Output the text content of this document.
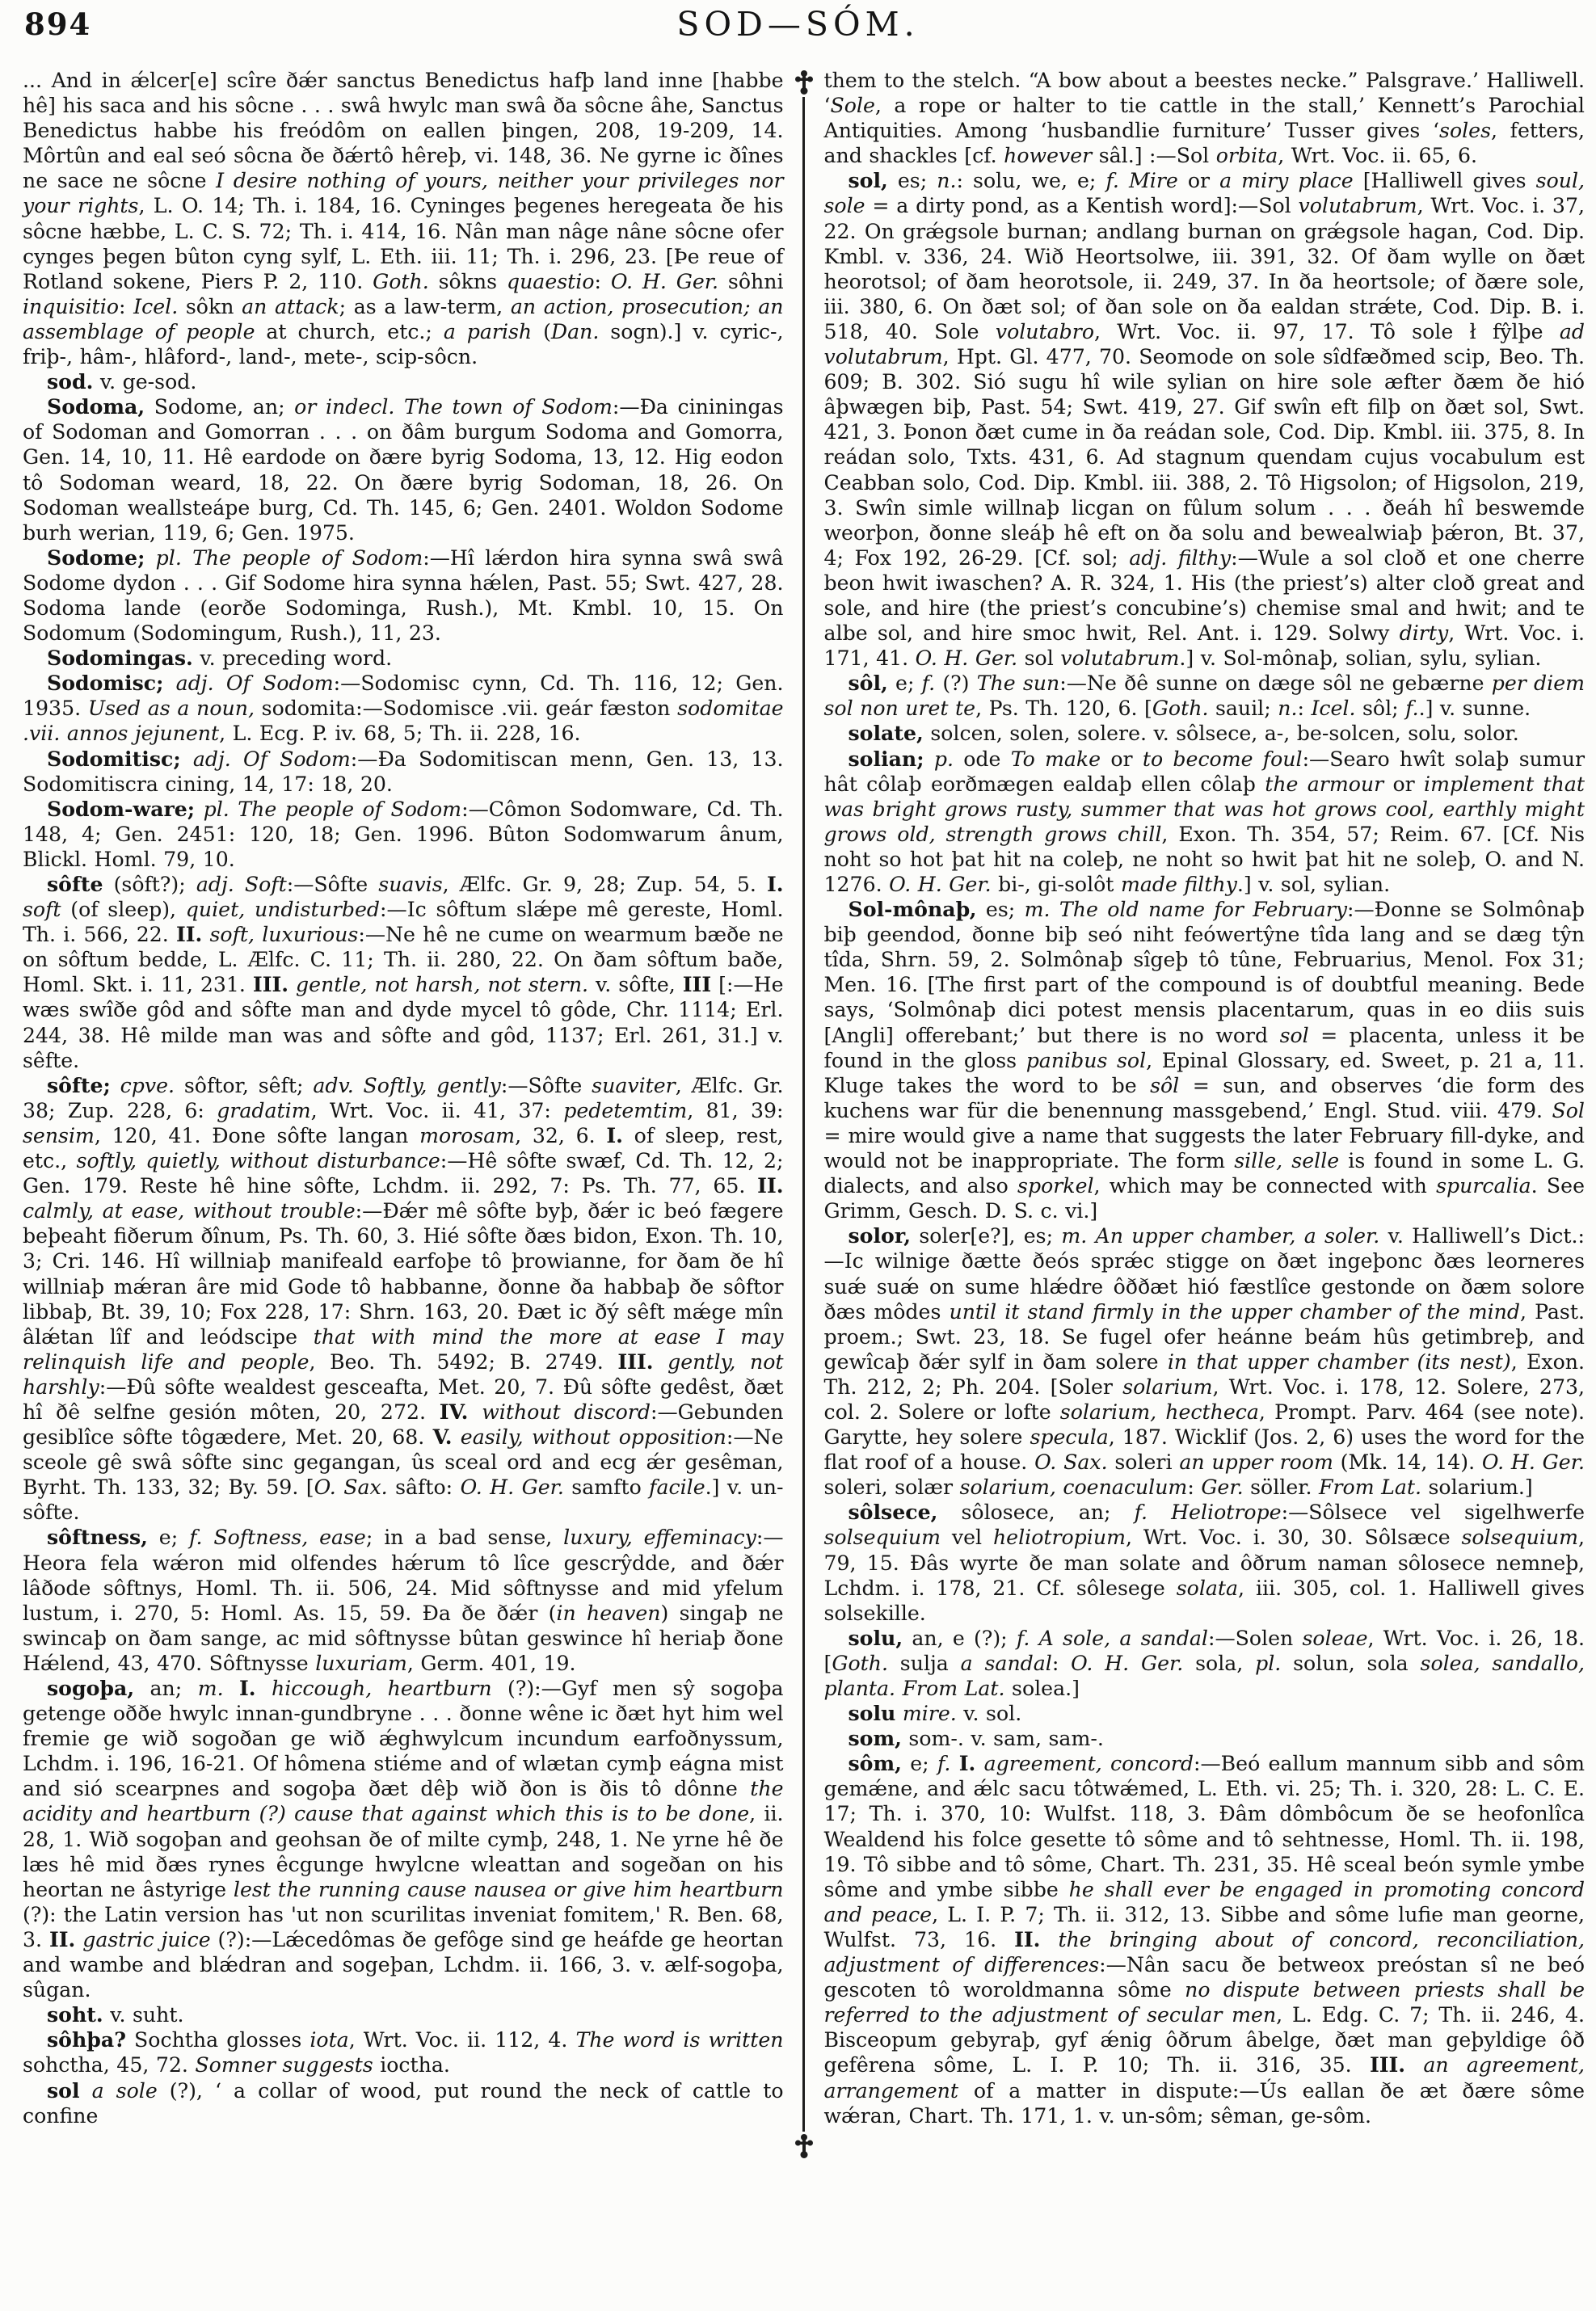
894	SOD—SÓM.

... And in ǽlcer[e] scîre ðǽr sanctus Benedictus hafþ land inne [habbe hê] his saca and his sôcne . . . swâ hwylc man swâ ða sôcne âhe, Sanctus Benedictus habbe his freódôm on eallen þingen, 208, 19-209, 14. Môrtûn and eal seó sôcna ðe ðǽrtô hêreþ, vi. 148, 36. Ne gyrne ic ðînes ne sace ne sôcne I desire nothing of yours, neither your privileges nor your rights, L. O. 14; Th. i. 184, 16. Cyninges þegenes heregeata ðe his sôcne hæbbe, L. C. S. 72; Th. i. 414, 16. Nân man nâge nâne sôcne ofer cynges þegen bûton cyng sylf, L. Eth. iii. 11; Th. i. 296, 23. [Þe reue of Rotland sokene, Piers P. 2, 110. Goth. sôkns quaestio: O. H. Ger. sôhni inquisitio: Icel. sôkn an attack; as a law-term, an action, prosecution; an assemblage of people at church, etc.; a parish (Dan. sogn).] v. cyric-, friþ-, hâm-, hlâford-, land-, mete-, scip-sôcn.

sod. v. ge-sod.

Sodoma, Sodome, an; or indecl. The town of Sodom:—Ða cininingas of Sodoman and Gomorran . . . on ðâm burgum Sodoma and Gomorra, Gen. 14, 10, 11. Hê eardode on ðære byrig Sodoma, 13, 12. Hig eodon tô Sodoman weard, 18, 22. On ðære byrig Sodoman, 18, 26. On Sodoman weallsteápe burg, Cd. Th. 145, 6; Gen. 2401. Woldon Sodome burh werian, 119, 6; Gen. 1975.

Sodome; pl. The people of Sodom:—Hî lǽrdon hira synna swâ swâ Sodome dydon . . . Gif Sodome hira synna hǽlen, Past. 55; Swt. 427, 28. Sodoma lande (eorðe Sodominga, Rush.), Mt. Kmbl. 10, 15. On Sodomum (Sodomingum, Rush.), 11, 23.

Sodomingas. v. preceding word.

Sodomisc; adj. Of Sodom:—Sodomisc cynn, Cd. Th. 116, 12; Gen. 1935. Used as a noun, sodomita:—Sodomisce .vii. geár fæston sodomitae .vii. annos jejunent, L. Ecg. P. iv. 68, 5; Th. ii. 228, 16.

Sodomitisc; adj. Of Sodom:—Ða Sodomitiscan menn, Gen. 13, 13. Sodomitiscra cining, 14, 17: 18, 20.

Sodom-ware; pl. The people of Sodom:—Cômon Sodomware, Cd. Th. 148, 4; Gen. 2451: 120, 18; Gen. 1996. Bûton Sodomwarum ânum, Blickl. Homl. 79, 10.

sôfte (sôft?); adj. Soft:—Sôfte suavis, Ælfc. Gr. 9, 28; Zup. 54, 5. I. soft (of sleep), quiet, undisturbed:—Ic sôftum slǽpe mê gereste, Homl. Th. i. 566, 22. II. soft, luxurious:—Ne hê ne cume on wearmum bæðe ne on sôftum bedde, L. Ælfc. C. 11; Th. ii. 280, 22. On ðam sôftum baðe, Homl. Skt. i. 11, 231. III. gentle, not harsh, not stern. v. sôfte, III [:—He wæs swîðe gôd and sôfte man and dyde mycel tô gôde, Chr. 1114; Erl. 244, 38. Hê milde man was and sôfte and gôd, 1137; Erl. 261, 31.] v. sêfte.

sôfte; cpve. sôftor, sêft; adv. Softly, gently:—Sôfte suaviter, Ælfc. Gr. 38; Zup. 228, 6: gradatim, Wrt. Voc. ii. 41, 37: pedetemtim, 81, 39: sensim, 120, 41. Ðone sôfte langan morosam, 32, 6. I. of sleep, rest, etc., softly, quietly, without disturbance:—Hê sôfte swæf, Cd. Th. 12, 2; Gen. 179. Reste hê hine sôfte, Lchdm. ii. 292, 7: Ps. Th. 77, 65. II. calmly, at ease, without trouble:—Ðǽr mê sôfte byþ, ðǽr ic beó fægere beþeaht fiðerum ðînum, Ps. Th. 60, 3. Hié sôfte ðæs bidon, Exon. Th. 10, 3; Cri. 146. Hî willniaþ manifeald earfoþe tô þrowianne, for ðam ðe hî willniaþ mǽran âre mid Gode tô habbanne, ðonne ða habbaþ ðe sôftor libbaþ, Bt. 39, 10; Fox 228, 17: Shrn. 163, 20. Ðæt ic ðý sêft mǽge mîn âlǽtan lîf and leódscipe that with mind the more at ease I may relinquish life and people, Beo. Th. 5492; B. 2749. III. gently, not harshly:—Ðû sôfte wealdest gesceafta, Met. 20, 7. Ðû sôfte gedêst, ðæt hî ðê selfne gesión môten, 20, 272. IV. without discord:—Gebunden gesiblîce sôfte tôgædere, Met. 20, 68. V. easily, without opposition:—Ne sceole gê swâ sôfte sinc gegangan, ûs sceal ord and ecg ǽr gesêman, Byrht. Th. 133, 32; By. 59. [O. Sax. sâfto: O. H. Ger. samfto facile.] v. un-sôfte.

sôftness, e; f. Softness, ease; in a bad sense, luxury, effeminacy:—Heora fela wǽron mid olfendes hǽrum tô lîce gescrŷdde, and ðǽr lâðode sôftnys, Homl. Th. ii. 506, 24. Mid sôftnysse and mid yfelum lustum, i. 270, 5: Homl. As. 15, 59. Ða ðe ðǽr (in heaven) singaþ ne swincaþ on ðam sange, ac mid sôftnysse bûtan geswince hî heriaþ ðone Hǽlend, 43, 470. Sôftnysse luxuriam, Germ. 401, 19.

sogoþa, an; m. I. hiccough, heartburn (?):—Gyf men sŷ sogoþa getenge oððe hwylc innan-gundbryne . . . ðonne wêne ic ðæt hyt him wel fremie ge wið sogoðan ge wið ǽghwylcum incundum earfoðnyssum, Lchdm. i. 196, 16-21. Of hômena stiéme and of wlætan cymþ eágna mist and sió scearpnes and sogoþa ðæt dêþ wið ðon is ðis tô dônne the acidity and heartburn (?) cause that against which this is to be done, ii. 28, 1. Wið sogoþan and geohsan ðe of milte cymþ, 248, 1. Ne yrne hê ðe læs hê mid ðæs rynes êcgunge hwylcne wleattan and sogeðan on his heortan ne âstyrige lest the running cause nausea or give him heartburn (?): the Latin version has 'ut non scurilitas inveniat fomitem,' R. Ben. 68, 3. II. gastric juice (?):—Lǽcedômas ðe gefôge sind ge heáfde ge heortan and wambe and blǽdran and sogeþan, Lchdm. ii. 166, 3. v. ælf-sogoþa, sûgan.

soht. v. suht.

sôhþa? Sochtha glosses iota, Wrt. Voc. ii. 112, 4. The word is written sohctha, 45, 72. Somner suggests ioctha.

sol a sole (?), ‘ a collar of wood, put round the neck of cattle to confine

them to the stelch. “A bow about a beestes necke.” Palsgrave.’ Halliwell. ‘Sole, a rope or halter to tie cattle in the stall,’ Kennett’s Parochial Antiquities. Among ‘husbandlie furniture’ Tusser gives ‘soles, fetters, and shackles [cf. however sâl.] :—Sol orbita, Wrt. Voc. ii. 65, 6.

sol, es; n.: solu, we, e; f. Mire or a miry place [Halliwell gives soul, sole = a dirty pond, as a Kentish word]:—Sol volutabrum, Wrt. Voc. i. 37, 22. On grǽgsole burnan; andlang burnan on grǽgsole hagan, Cod. Dip. Kmbl. v. 336, 24. Wið Heortsolwe, iii. 391, 32. Of ðam wylle on ðæt heorotsol; of ðam heorotsole, ii. 249, 37. In ða heortsole; of ðære sole, iii. 380, 6. On ðæt sol; of ðan sole on ða ealdan strǽte, Cod. Dip. B. i. 518, 40. Sole volutabro, Wrt. Voc. ii. 97, 17. Tô sole ł fŷlþe ad volutabrum, Hpt. Gl. 477, 70. Seomode on sole sîdfæðmed scip, Beo. Th. 609; B. 302. Sió sugu hî wile sylian on hire sole æfter ðæm ðe hió âþwægen biþ, Past. 54; Swt. 419, 27. Gif swîn eft filþ on ðæt sol, Swt. 421, 3. Þonon ðæt cume in ða reádan sole, Cod. Dip. Kmbl. iii. 375, 8. In reádan solo, Txts. 431, 6. Ad stagnum quendam cujus vocabulum est Ceabban solo, Cod. Dip. Kmbl. iii. 388, 2. Tô Higsolon; of Higsolon, 219, 3. Swîn simle willnaþ licgan on fûlum solum . . . ðeáh hî beswemde weorþon, ðonne sleáþ hê eft on ða solu and bewealwiaþ þǽron, Bt. 37, 4; Fox 192, 26-29. [Cf. sol; adj. filthy:—Wule a sol cloð et one cherre beon hwit iwaschen? A. R. 324, 1. His (the priest’s) alter cloð great and sole, and hire (the priest’s concubine’s) chemise smal and hwit; and te albe sol, and hire smoc hwit, Rel. Ant. i. 129. Solwy dirty, Wrt. Voc. i. 171, 41. O. H. Ger. sol volutabrum.] v. Sol-mônaþ, solian, sylu, sylian.

sôl, e; f. (?) The sun:—Ne ðê sunne on dæge sôl ne gebærne per diem sol non uret te, Ps. Th. 120, 6. [Goth. sauil; n.: Icel. sôl; f..] v. sunne.

solate, solcen, solen, solere. v. sôlsece, a-, be-solcen, solu, solor.

solian; p. ode To make or to become foul:—Searo hwît solaþ sumur hât côlaþ eorðmægen ealdaþ ellen côlaþ the armour or implement that was bright grows rusty, summer that was hot grows cool, earthly might grows old, strength grows chill, Exon. Th. 354, 57; Reim. 67. [Cf. Nis noht so hot þat hit na coleþ, ne noht so hwit þat hit ne soleþ, O. and N. 1276. O. H. Ger. bi-, gi-solôt made filthy.] v. sol, sylian.

Sol-mônaþ, es; m. The old name for February:—Ðonne se Solmônaþ biþ geendod, ðonne biþ seó niht feówertŷne tîda lang and se dæg tŷn tîda, Shrn. 59, 2. Solmônaþ sîgeþ tô tûne, Februarius, Menol. Fox 31; Men. 16. [The first part of the compound is of doubtful meaning. Bede says, ‘Solmônaþ dici potest mensis placentarum, quas in eo diis suis [Angli] offerebant;’ but there is no word sol = placenta, unless it be found in the gloss panibus sol, Epinal Glossary, ed. Sweet, p. 21 a, 11. Kluge takes the word to be sôl = sun, and observes ‘die form des kuchens war für die benennung massgebend,’ Engl. Stud. viii. 479. Sol = mire would give a name that suggests the later February fill-dyke, and would not be inappropriate. The form sille, selle is found in some L. G. dialects, and also sporkel, which may be connected with spurcalia. See Grimm, Gesch. D. S. c. vi.]

solor, soler[e?], es; m. An upper chamber, a soler. v. Halliwell’s Dict.:—Ic wilnige ðætte ðeós sprǽc stigge on ðæt ingeþonc ðæs leorneres suǽ suǽ on sume hlǽdre ôððæt hió fæstlîce gestonde on ðæm solore ðæs môdes until it stand firmly in the upper chamber of the mind, Past. proem.; Swt. 23, 18. Se fugel ofer heánne beám hûs getimbreþ, and gewîcaþ ðǽr sylf in ðam solere in that upper chamber (its nest), Exon. Th. 212, 2; Ph. 204. [Soler solarium, Wrt. Voc. i. 178, 12. Solere, 273, col. 2. Solere or lofte solarium, hectheca, Prompt. Parv. 464 (see note). Garytte, hey solere specula, 187. Wicklif (Jos. 2, 6) uses the word for the flat roof of a house. O. Sax. soleri an upper room (Mk. 14, 14). O. H. Ger. soleri, solær solarium, coenaculum: Ger. söller. From Lat. solarium.]

sôlsece, sôlosece, an; f. Heliotrope:—Sôlsece vel sigelhwerfe solsequium vel heliotropium, Wrt. Voc. i. 30, 30. Sôlsæce solsequium, 79, 15. Ðâs wyrte ðe man solate and ôðrum naman sôlosece nemneþ, Lchdm. i. 178, 21. Cf. sôlesege solata, iii. 305, col. 1. Halliwell gives solsekille.

solu, an, e (?); f. A sole, a sandal:—Solen soleae, Wrt. Voc. i. 26, 18. [Goth. sulja a sandal: O. H. Ger. sola, pl. solun, sola solea, sandallo, planta. From Lat. solea.]

solu mire. v. sol.

som, som-. v. sam, sam-.

sôm, e; f. I. agreement, concord:—Beó eallum mannum sibb and sôm gemǽne, and ǽlc sacu tôtwǽmed, L. Eth. vi. 25; Th. i. 320, 28: L. C. E. 17; Th. i. 370, 10: Wulfst. 118, 3. Ðâm dômbôcum ðe se heofonlîca Wealdend his folce gesette tô sôme and tô sehtnesse, Homl. Th. ii. 198, 19. Tô sibbe and tô sôme, Chart. Th. 231, 35. Hê sceal beón symle ymbe sôme and ymbe sibbe he shall ever be engaged in promoting concord and peace, L. I. P. 7; Th. ii. 312, 13. Sibbe and sôme lufie man georne, Wulfst. 73, 16. II. the bringing about of concord, reconciliation, adjustment of differences:—Nân sacu ðe betweox preóstan sî ne beó gescoten tô woroldmanna sôme no dispute between priests shall be referred to the adjustment of secular men, L. Edg. C. 7; Th. ii. 246, 4. Bisceopum gebyraþ, gyf ǽnig ôðrum âbelge, ðæt man geþyldige ôð gefêrena sôme, L. I. P. 10; Th. ii. 316, 35. III. an agreement, arrangement of a matter in dispute:—Ús eallan ðe æt ðære sôme wǽran, Chart. Th. 171, 1. v. un-sôm; sêman, ge-sôm.
